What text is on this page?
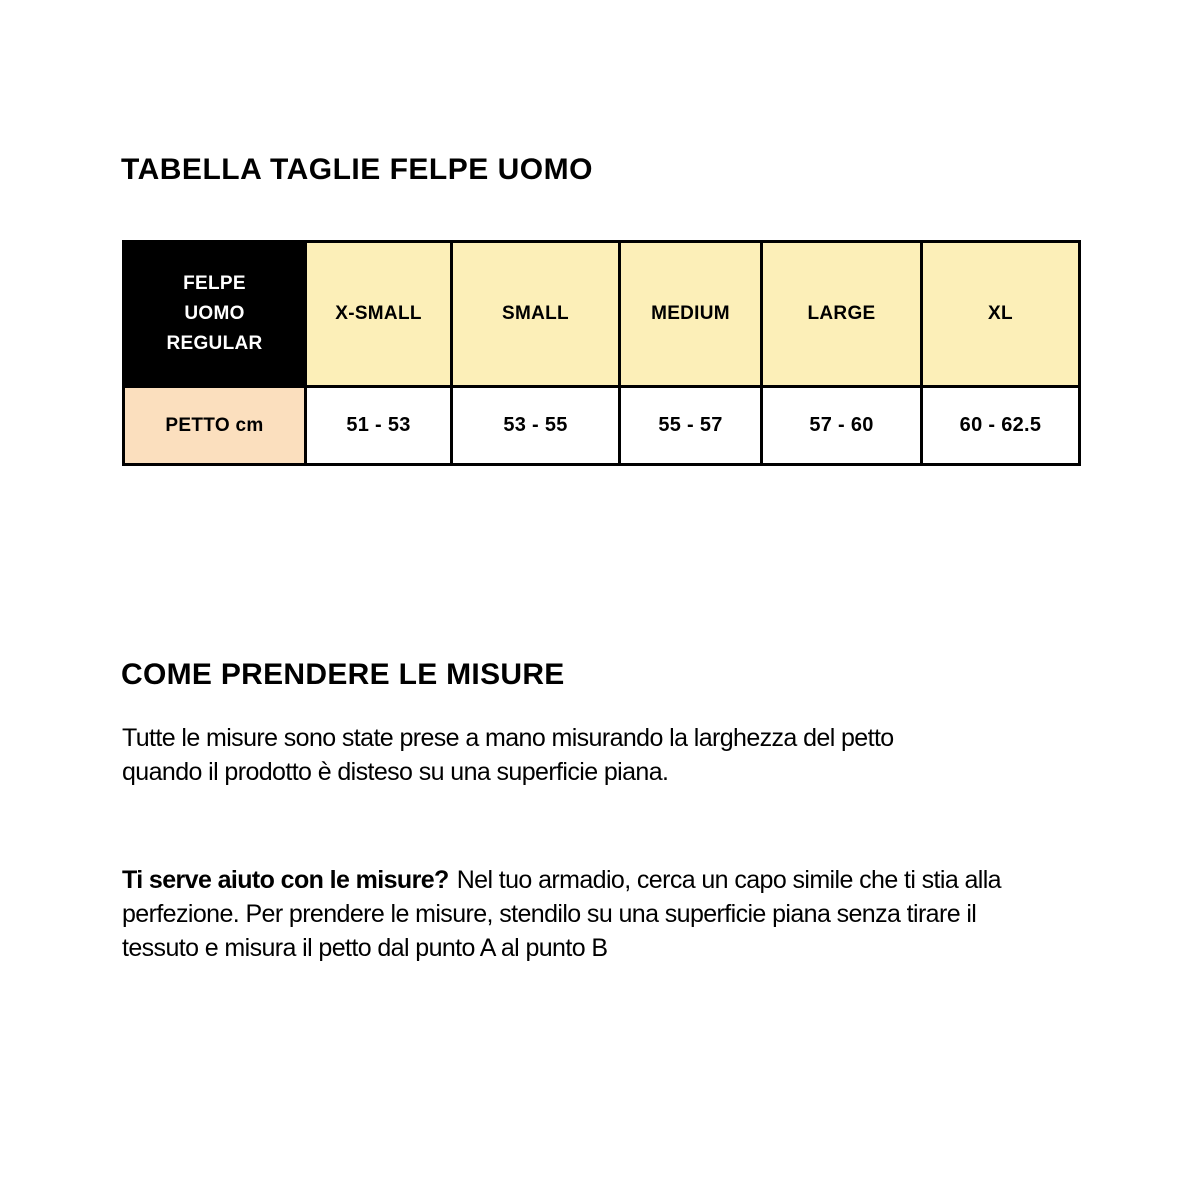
TABELLA TAGLIE FELPE UOMO
FELPE
UOMO
REGULAR	X-SMALL	SMALL	MEDIUM	LARGE	XL
PETTO cm	51 - 53	53 - 55	55 - 57	57 - 60	60 - 62.5
COME PRENDERE LE MISURE

Tutte le misure sono state prese a mano misurando la larghezza del petto
quando il prodotto è disteso su una superficie piana.

Ti serve aiuto con le misure? Nel tuo armadio, cerca un capo simile che ti stia alla
perfezione. Per prendere le misure, stendilo su una superficie piana senza tirare il
tessuto e misura il petto dal punto A al punto B
